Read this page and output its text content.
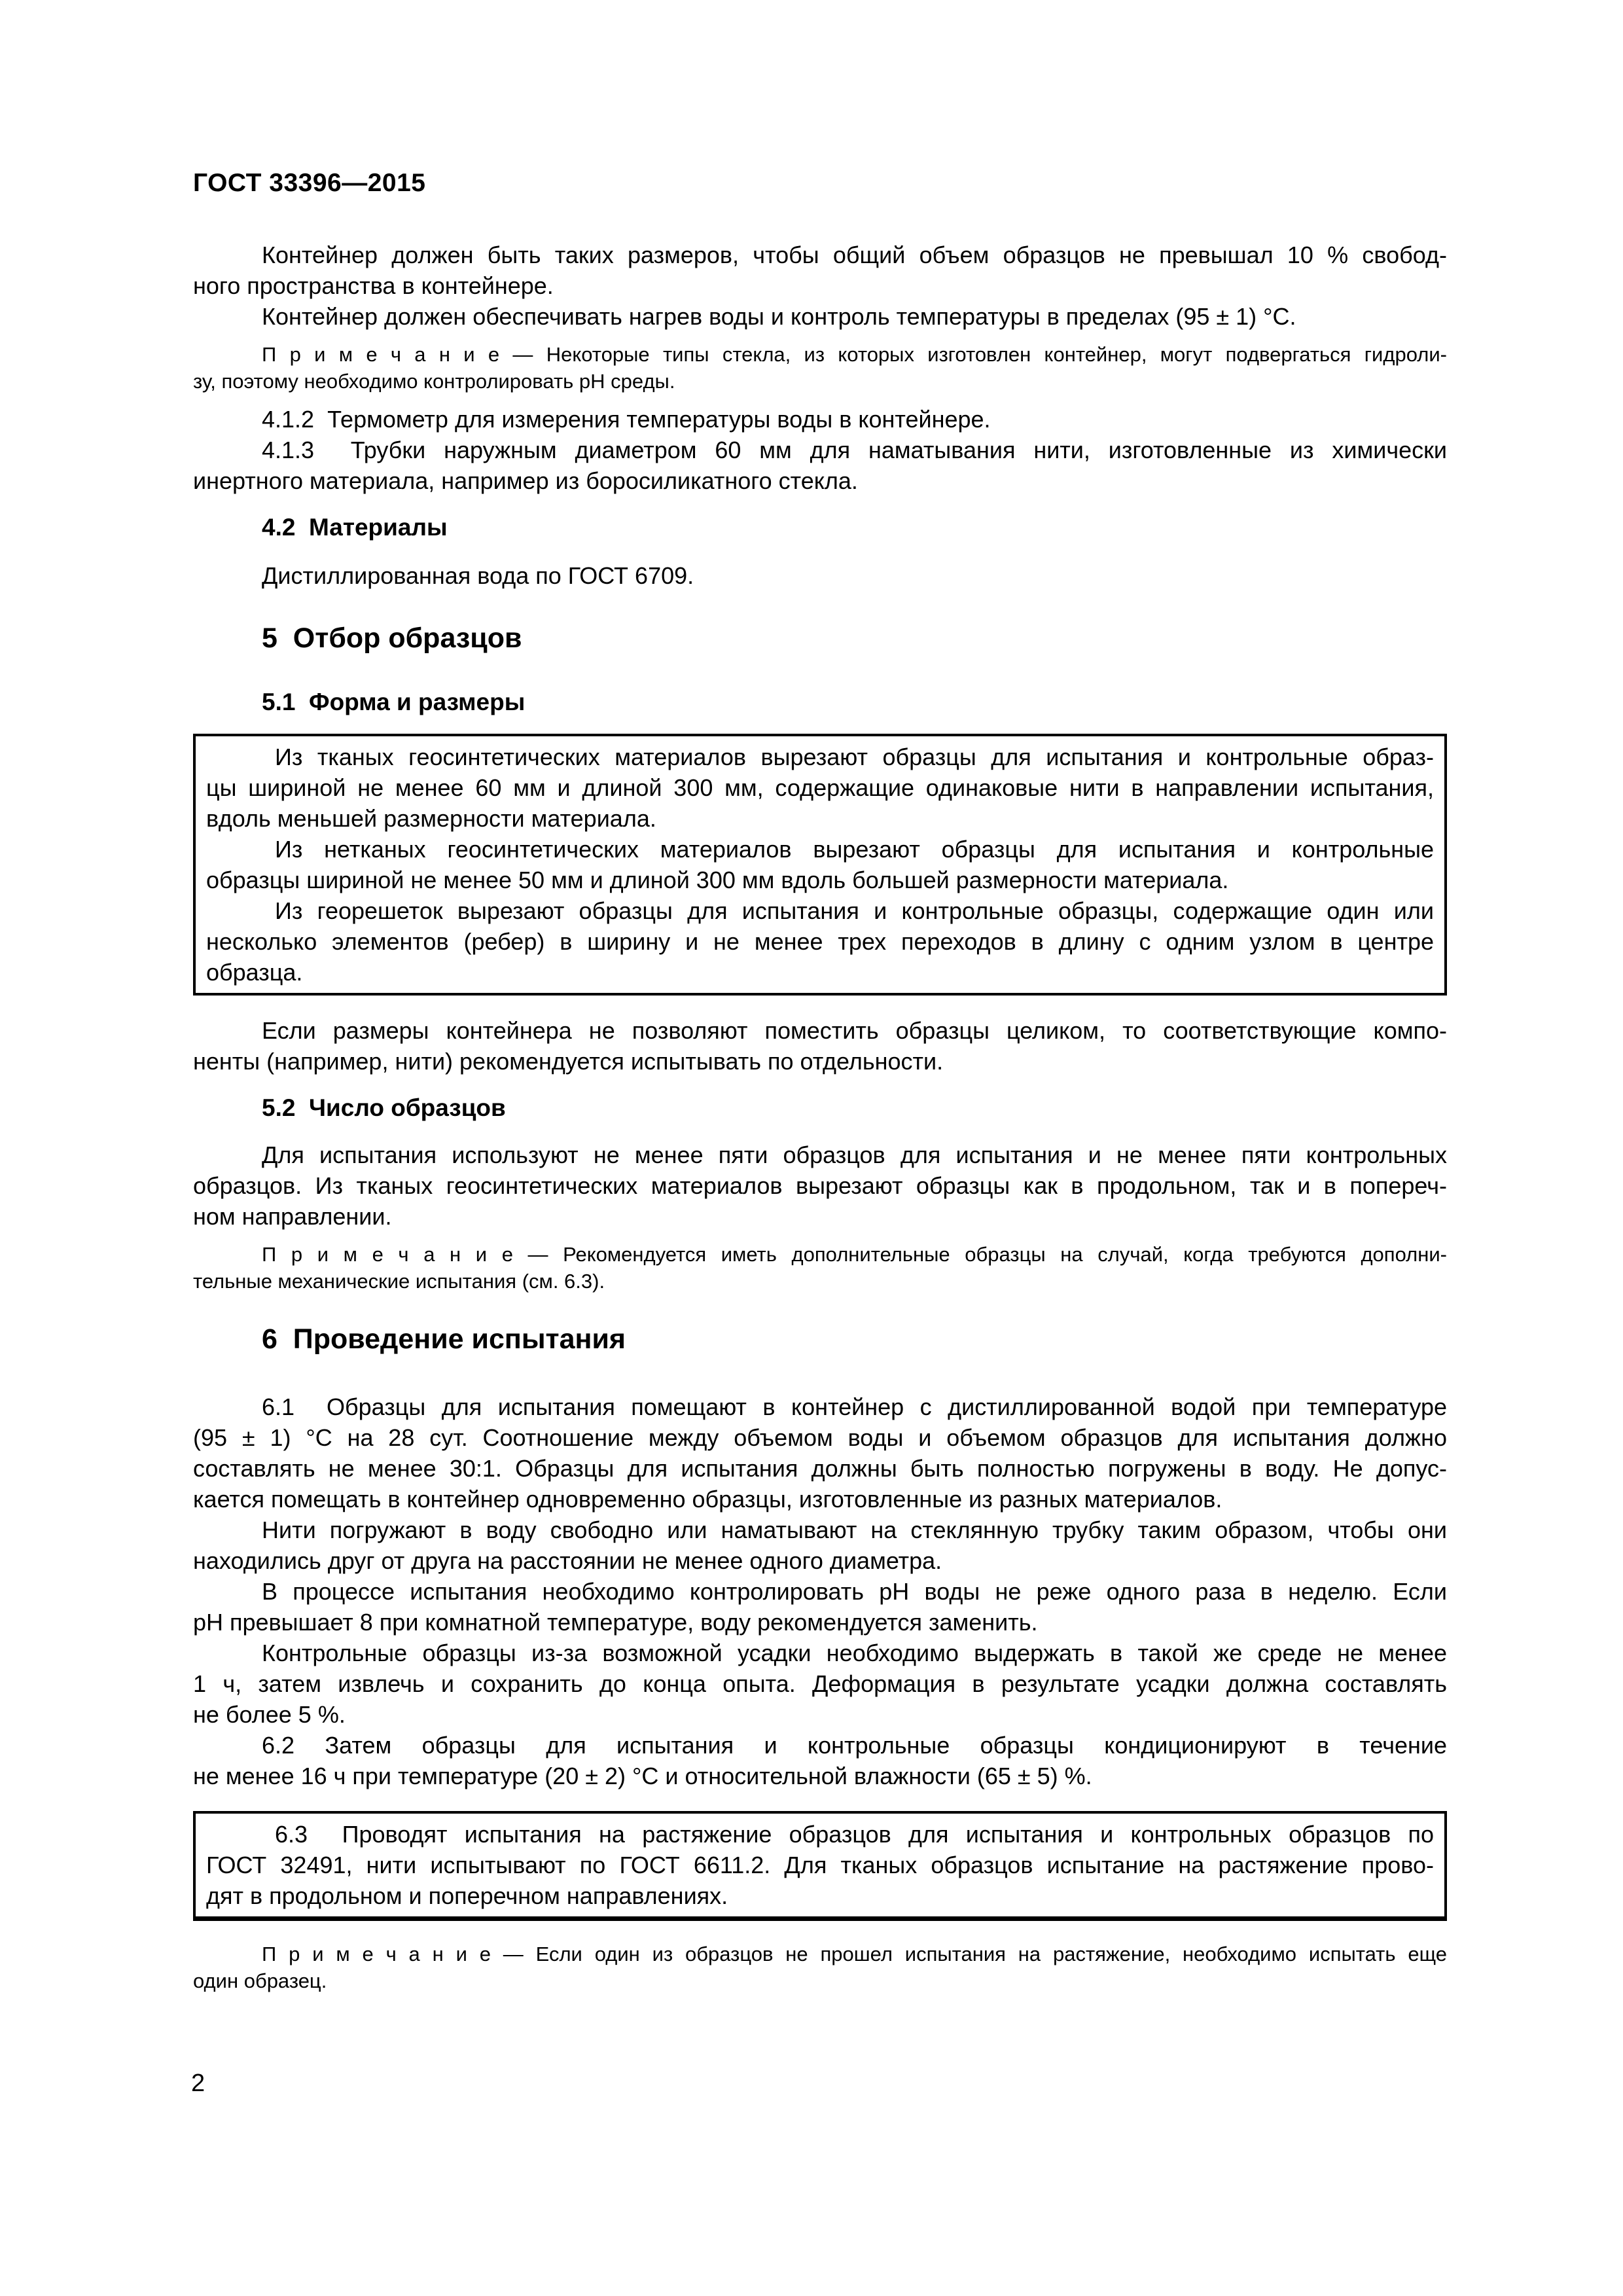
ГОСТ 33396—2015
Контейнер должен быть таких размеров, чтобы общий объем образцов не превышал 10 % свобод-
ного пространства в контейнере.
Контейнер должен обеспечивать нагрев воды и контроль температуры в пределах (95 ± 1) °С.
П р и м е ч а н и е — Некоторые типы стекла, из которых изготовлен контейнер, могут подвергаться гидроли-
зу, поэтому необходимо контролировать рН среды.
4.1.2  Термометр для измерения температуры воды в контейнере.
4.1.3  Трубки наружным диаметром 60 мм для наматывания нити, изготовленные из химически
инертного материала, например из боросиликатного стекла.
4.2  Материалы
Дистиллированная вода по ГОСТ 6709.
5  Отбор образцов
5.1  Форма и размеры
Из тканых геосинтетических материалов вырезают образцы для испытания и контрольные образ-
цы шириной не менее 60 мм и длиной 300 мм, содержащие одинаковые нити в направлении испытания,
вдоль меньшей размерности материала.
Из нетканых геосинтетических материалов вырезают образцы для испытания и контрольные
образцы шириной не менее 50 мм и длиной 300 мм вдоль большей размерности материала.
Из георешеток вырезают образцы для испытания и контрольные образцы, содержащие один или
несколько элементов (ребер) в ширину и не менее трех переходов в длину с одним узлом в центре
образца.
Если размеры контейнера не позволяют поместить образцы целиком, то соответствующие компо-
ненты (например, нити) рекомендуется испытывать по отдельности.
5.2  Число образцов
Для испытания используют не менее пяти образцов для испытания и не менее пяти контрольных
образцов. Из тканых геосинтетических материалов вырезают образцы как в продольном, так и в попереч-
ном направлении.
П р и м е ч а н и е — Рекомендуется иметь дополнительные образцы на случай, когда требуются дополни-
тельные механические испытания (см. 6.3).
6  Проведение испытания
6.1  Образцы для испытания помещают в контейнер с дистиллированной водой при температуре
(95 ± 1) °С на 28 сут. Соотношение между объемом воды и объемом образцов для испытания должно
составлять не менее 30:1. Образцы для испытания должны быть полностью погружены в воду. Не допус-
кается помещать в контейнер одновременно образцы, изготовленные из разных материалов.
Нити погружают в воду свободно или наматывают на стеклянную трубку таким образом, чтобы они
находились друг от друга на расстоянии не менее одного диаметра.
В процессе испытания необходимо контролировать рН воды не реже одного раза в неделю. Если
рН превышает 8 при комнатной температуре, воду рекомендуется заменить.
Контрольные образцы из-за возможной усадки необходимо выдержать в такой же среде не менее
1 ч, затем извлечь и сохранить до конца опыта. Деформация в результате усадки должна составлять
не более 5 %.
6.2 Затем образцы для испытания и контрольные образцы кондиционируют в течение
не менее 16 ч при температуре (20 ± 2) °С и относительной влажности (65 ± 5) %.
6.3  Проводят испытания на растяжение образцов для испытания и контрольных образцов по
ГОСТ 32491, нити испытывают по ГОСТ 6611.2. Для тканых образцов испытание на растяжение прово-
дят в продольном и поперечном направлениях.
П р и м е ч а н и е — Если один из образцов не прошел испытания на растяжение, необходимо испытать еще
один образец.
2
